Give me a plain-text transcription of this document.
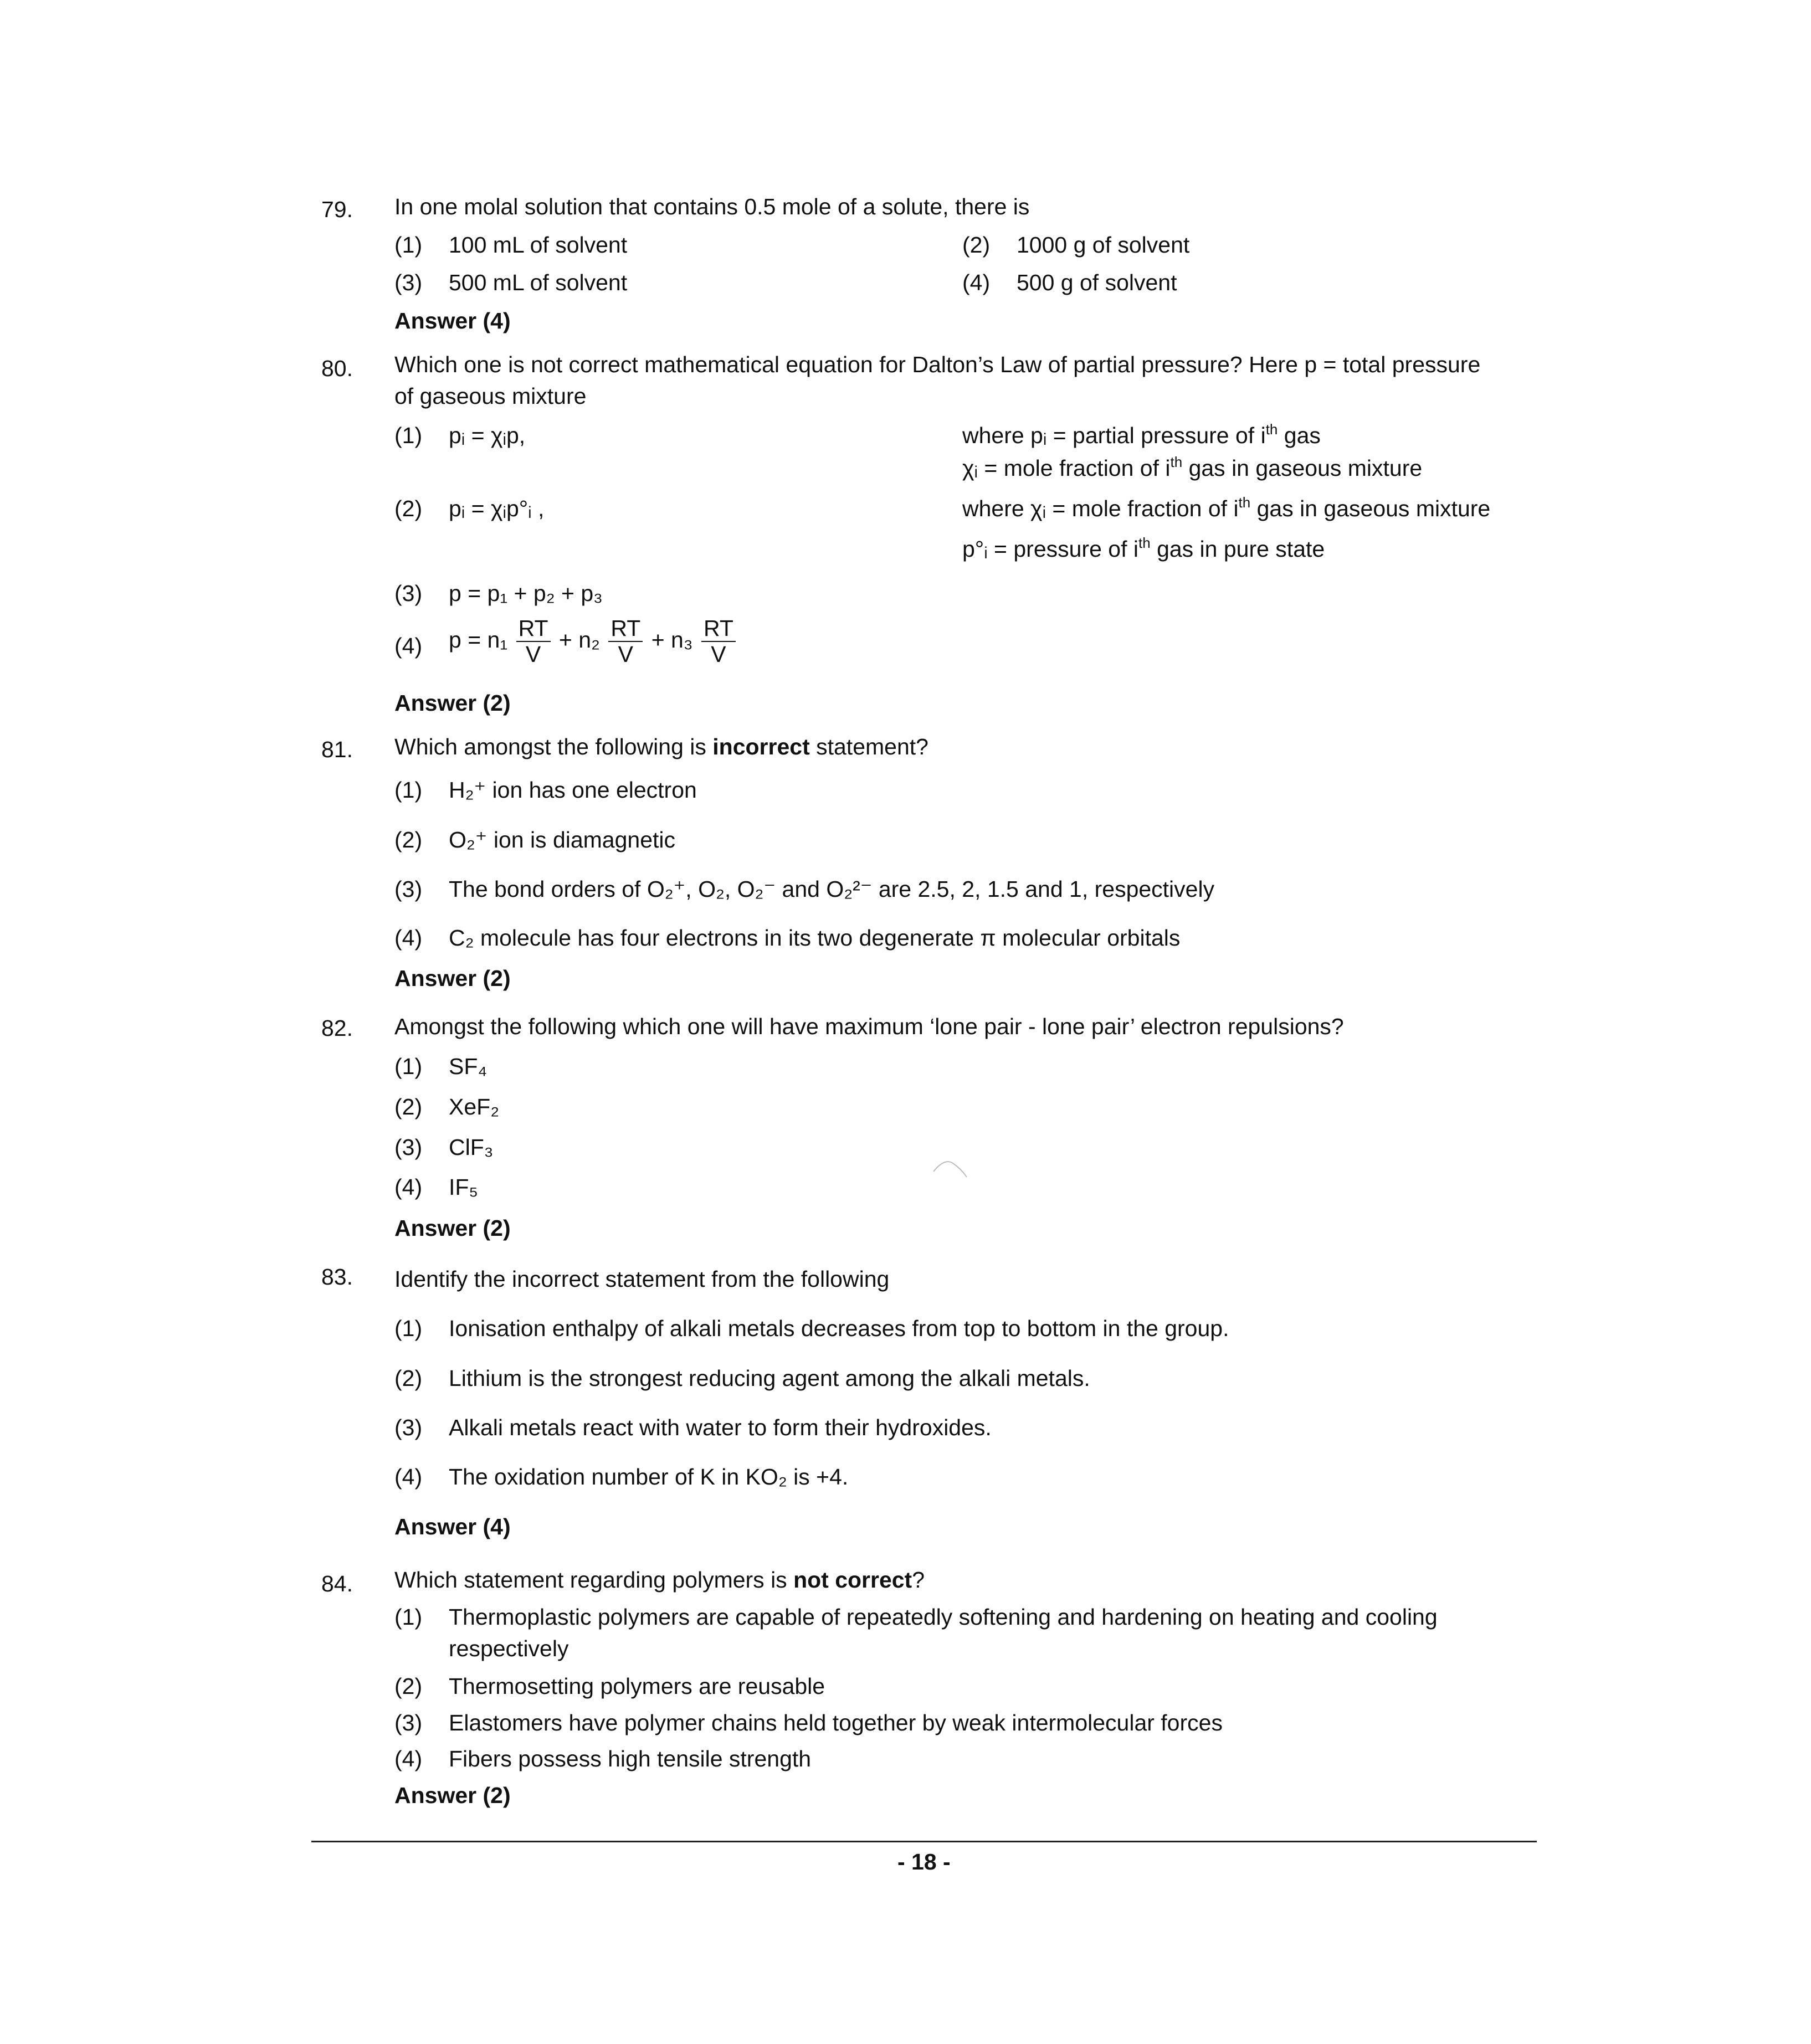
79. In one molal solution that contains 0.5 mole of a solute, there is
(1) 100 mL of solvent	(2) 1000 g of solvent
(3) 500 mL of solvent	(4) 500 g of solvent
Answer (4)
80. Which one is not correct mathematical equation for Dalton’s Law of partial pressure? Here p = total pressure
of gaseous mixture
(1) pᵢ = χᵢp,	where pᵢ = partial pressure of $i^{th}$ gas
χᵢ = mole fraction of $i^{th}$ gas in gaseous mixture
(2) pᵢ = χᵢp°ᵢ ,	where χᵢ = mole fraction of $i^{th}$ gas in gaseous mixture
p°ᵢ = pressure of $i^{th}$ gas in pure state
(3) p = p₁ + p₂ + p₃
(4) $p = n_1 \frac{RT}{V} + n_2 \frac{RT}{V} + n_3 \frac{RT}{V}$
Answer (2)
81. Which amongst the following is incorrect statement?
(1) H₂⁺ ion has one electron
(2) O₂⁺ ion is diamagnetic
(3) The bond orders of O₂⁺, O₂, O₂⁻ and O₂²⁻ are 2.5, 2, 1.5 and 1, respectively
(4) C₂ molecule has four electrons in its two degenerate π molecular orbitals
Answer (2)
82. Amongst the following which one will have maximum ‘lone pair - lone pair’ electron repulsions?
(1) SF₄
(2) XeF₂
(3) ClF₃
(4) IF₅
Answer (2)
83. Identify the incorrect statement from the following
(1) Ionisation enthalpy of alkali metals decreases from top to bottom in the group.
(2) Lithium is the strongest reducing agent among the alkali metals.
(3) Alkali metals react with water to form their hydroxides.
(4) The oxidation number of K in KO₂ is +4.
Answer (4)
84. Which statement regarding polymers is not correct?
(1) Thermoplastic polymers are capable of repeatedly softening and hardening on heating and cooling
respectively
(2) Thermosetting polymers are reusable
(3) Elastomers have polymer chains held together by weak intermolecular forces
(4) Fibers possess high tensile strength
Answer (2)
- 18 -
